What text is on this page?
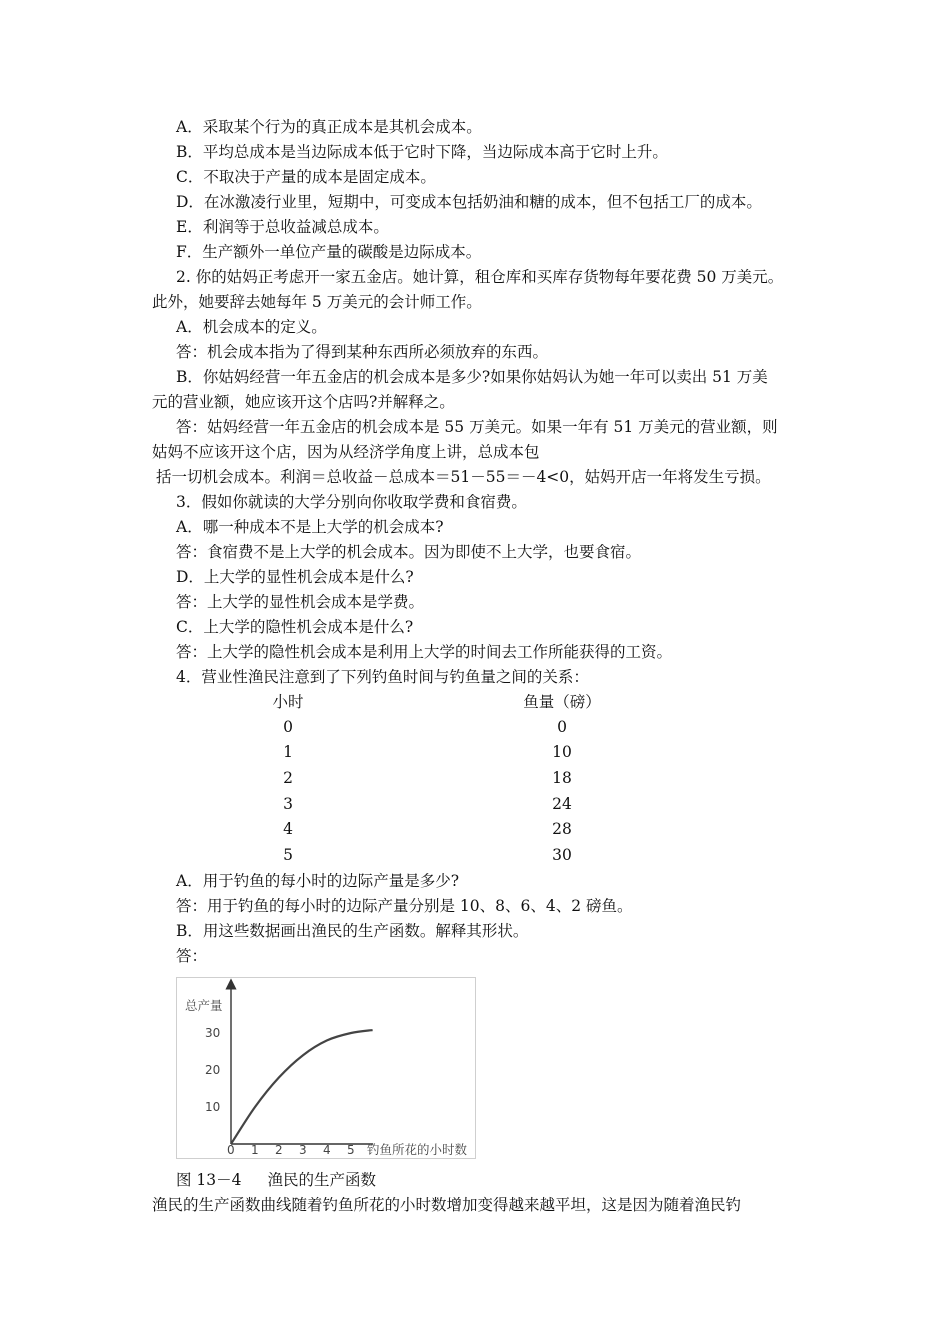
A．采取某个行为的真正成本是其机会成本。
B．平均总成本是当边际成本低于它时下降，当边际成本高于它时上升。
C．不取决于产量的成本是固定成本。
D．在冰激凌行业里，短期中，可变成本包括奶油和糖的成本，但不包括工厂的成本。
E．利润等于总收益减总成本。
F．生产额外一单位产量的碳酸是边际成本。
2. 你的姑妈正考虑开一家五金店。她计算，租仓库和买库存货物每年要花费 50 万美元。
此外，她要辞去她每年 5 万美元的会计师工作。
A．机会成本的定义。
答：机会成本指为了得到某种东西所必须放弃的东西。
B．你姑妈经营一年五金店的机会成本是多少?如果你姑妈认为她一年可以卖出 51 万美
元的营业额，她应该开这个店吗?并解释之。
答：姑妈经营一年五金店的机会成本是 55 万美元。如果一年有 51 万美元的营业额，则
姑妈不应该开这个店，因为从经济学角度上讲，总成本包
括一切机会成本。利润＝总收益－总成本＝51－55＝－4<0，姑妈开店一年将发生亏损。
3．假如你就读的大学分别向你收取学费和食宿费。
A．哪一种成本不是上大学的机会成本?
答：食宿费不是上大学的机会成本。因为即使不上大学，也要食宿。
D．上大学的显性机会成本是什么?
答：上大学的显性机会成本是学费。
C．上大学的隐性机会成本是什么?
答：上大学的隐性机会成本是利用上大学的时间去工作所能获得的工资。
4．营业性渔民注意到了下列钓鱼时间与钓鱼量之间的关系：
小时		鱼量（磅）
0		0
1		10
2		18
3		24
4		28
5		30
A．用于钓鱼的每小时的边际产量是多少?
答：用于钓鱼的每小时的边际产量分别是 10、8、6、4、2 磅鱼。
B．用这些数据画出渔民的生产函数。解释其形状。
答：
总产量
钓鱼所花的小时数
0 1 2 3 4 5
10
20
30
图 13－4 渔民的生产函数
渔民的生产函数曲线随着钓鱼所花的小时数增加变得越来越平坦，这是因为随着渔民钓
